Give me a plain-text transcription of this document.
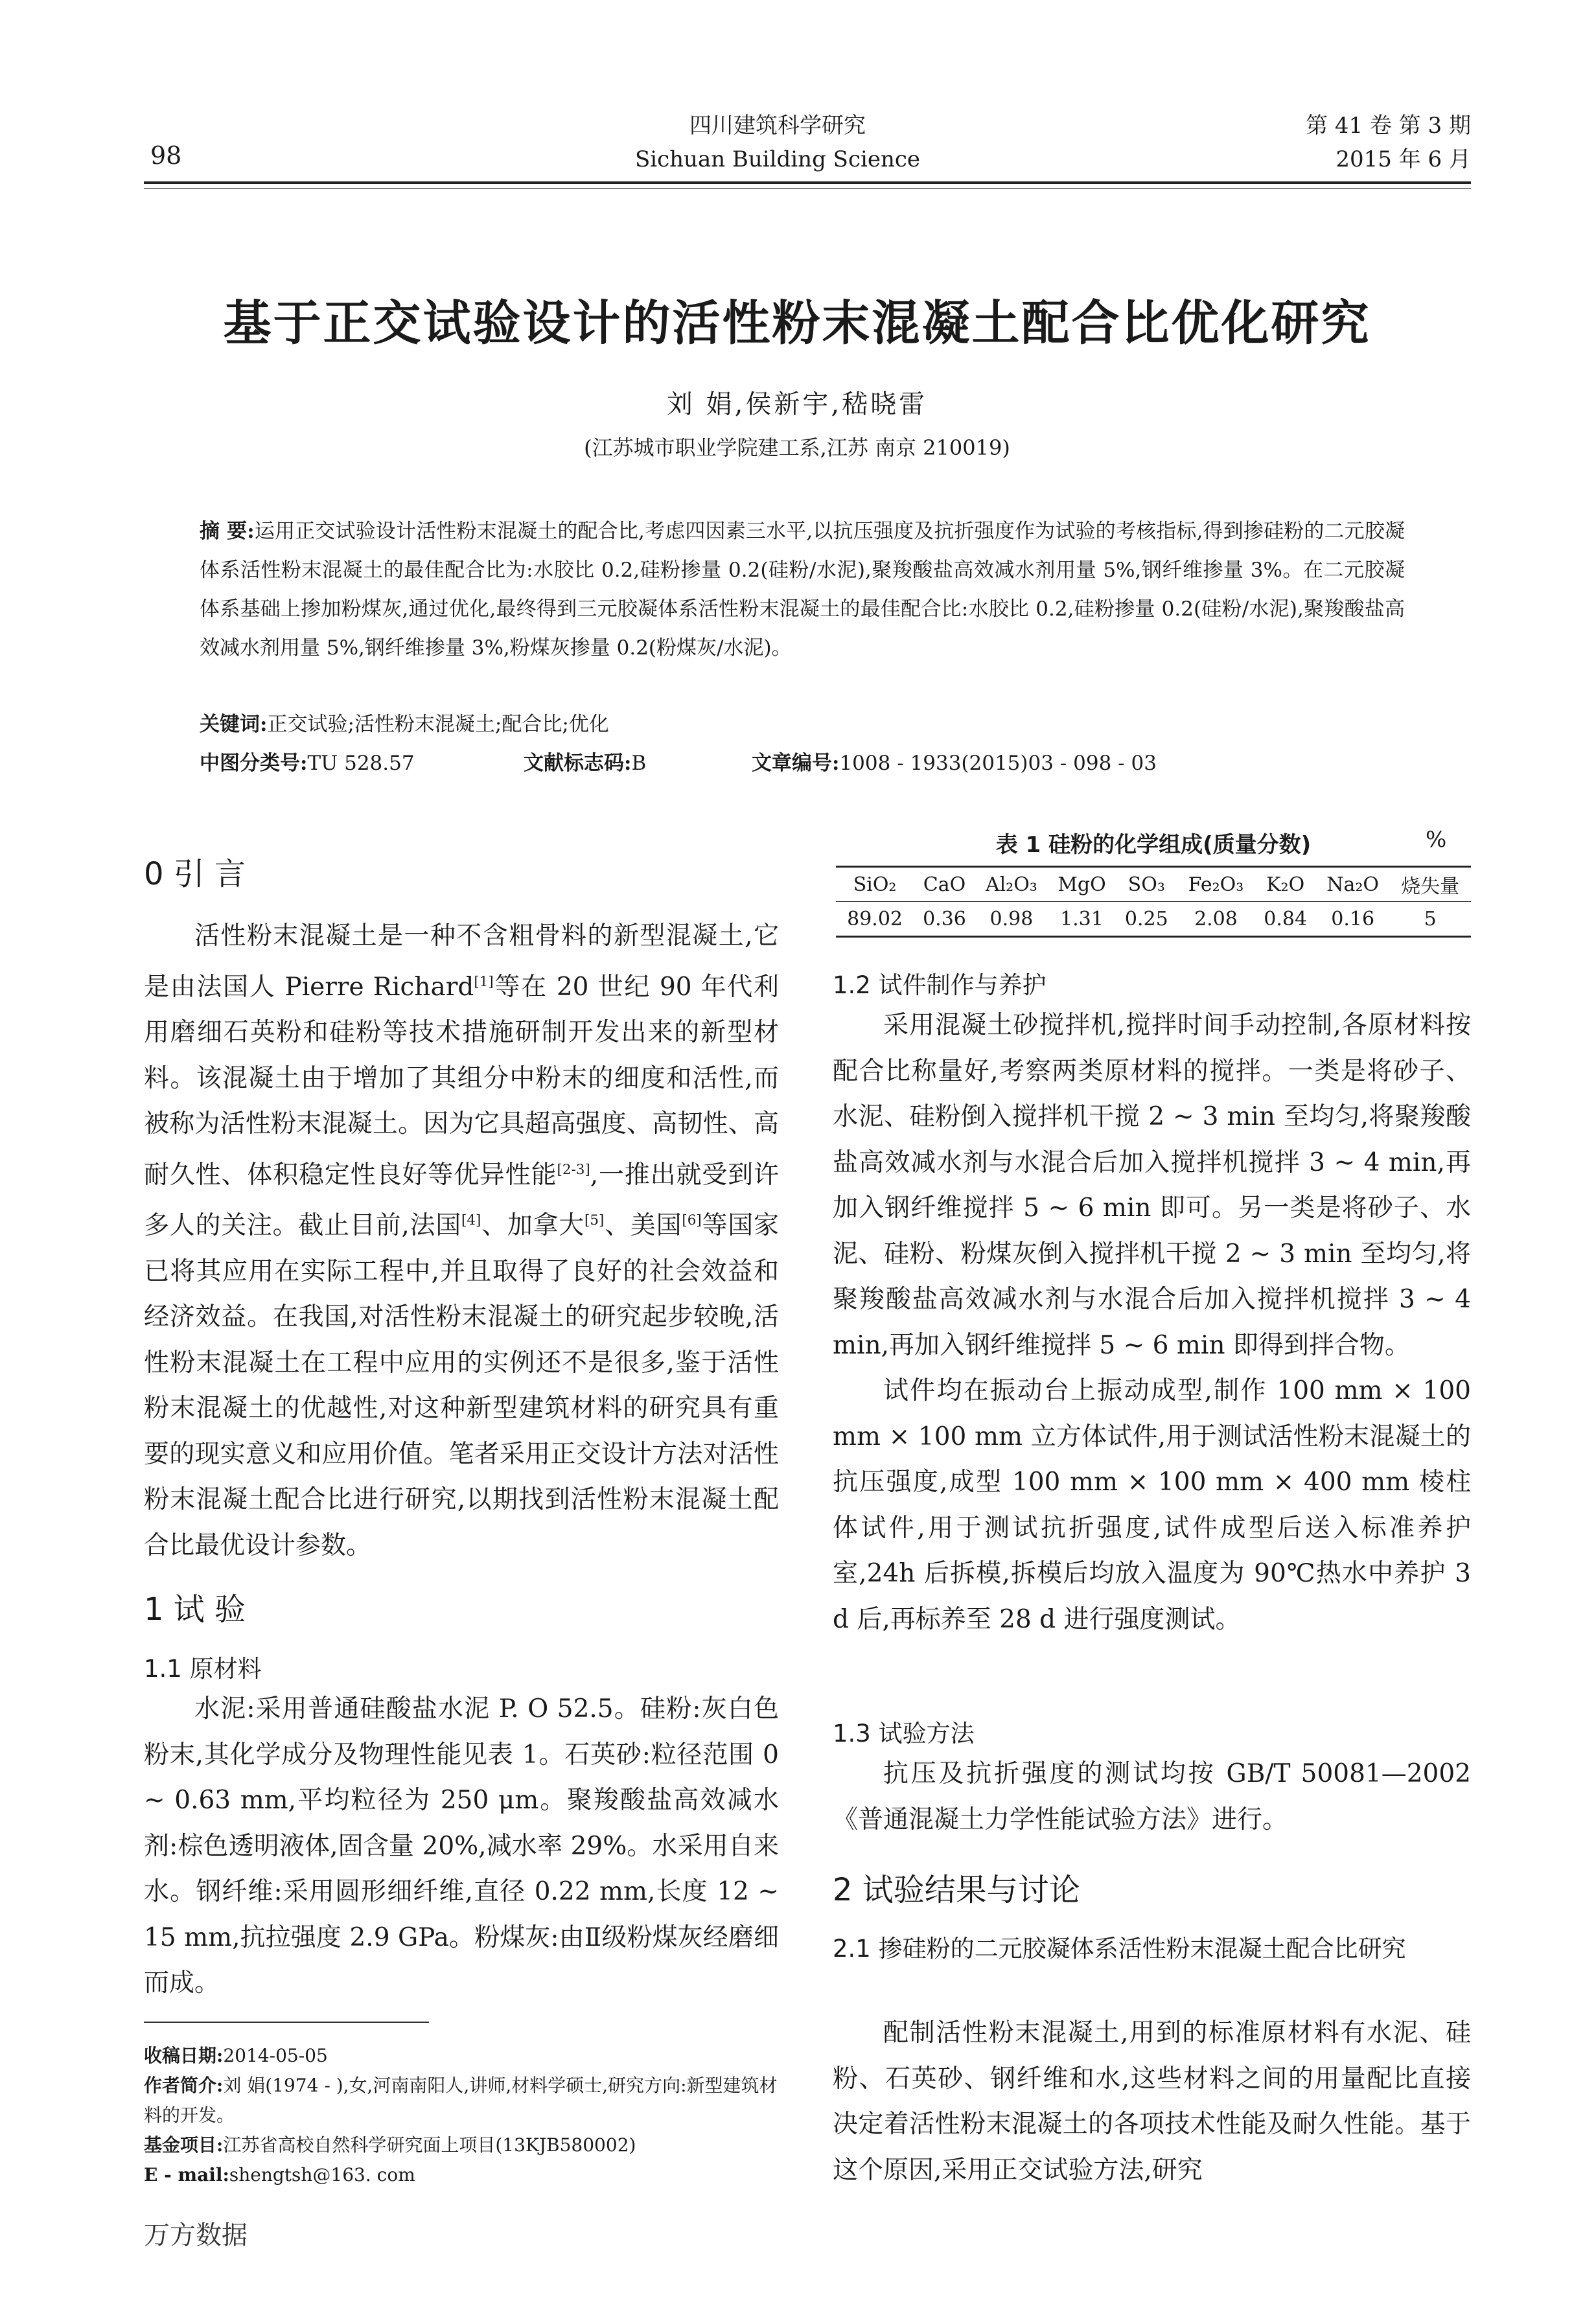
98
四川建筑科学研究
Sichuan Building Science
第 41 卷 第 3 期
2015 年 6 月
基于正交试验设计的活性粉末混凝土配合比优化研究
刘 娟,侯新宇,嵇晓雷
(江苏城市职业学院建工系,江苏 南京 210019)
摘 要:运用正交试验设计活性粉末混凝土的配合比,考虑四因素三水平,以抗压强度及抗折强度作为试验的考核指标,得到掺硅粉的二元胶凝体系活性粉末混凝土的最佳配合比为:水胶比 0.2,硅粉掺量 0.2(硅粉/水泥),聚羧酸盐高效减水剂用量 5%,钢纤维掺量 3%。在二元胶凝体系基础上掺加粉煤灰,通过优化,最终得到三元胶凝体系活性粉末混凝土的最佳配合比:水胶比 0.2,硅粉掺量 0.2(硅粉/水泥),聚羧酸盐高效减水剂用量 5%,钢纤维掺量 3%,粉煤灰掺量 0.2(粉煤灰/水泥)。
关键词:正交试验;活性粉末混凝土;配合比;优化
中图分类号:TU 528.57	文献标志码:B	文章编号:1008 - 1933(2015)03 - 098 - 03
0 引 言

活性粉末混凝土是一种不含粗骨料的新型混凝土,它是由法国人 Pierre Richard[1]等在 20 世纪 90 年代利用磨细石英粉和硅粉等技术措施研制开发出来的新型材料。该混凝土由于增加了其组分中粉末的细度和活性,而被称为活性粉末混凝土。因为它具超高强度、高韧性、高耐久性、体积稳定性良好等优异性能[2-3],一推出就受到许多人的关注。截止目前,法国[4]、加拿大[5]、美国[6]等国家已将其应用在实际工程中,并且取得了良好的社会效益和经济效益。在我国,对活性粉末混凝土的研究起步较晚,活性粉末混凝土在工程中应用的实例还不是很多,鉴于活性粉末混凝土的优越性,对这种新型建筑材料的研究具有重要的现实意义和应用价值。笔者采用正交设计方法对活性粉末混凝土配合比进行研究,以期找到活性粉末混凝土配合比最优设计参数。

1 试 验
1.1 原材料

水泥:采用普通硅酸盐水泥 P. O 52.5。硅粉:灰白色粉末,其化学成分及物理性能见表 1。石英砂:粒径范围 0 ~ 0.63 mm,平均粒径为 250 μm。聚羧酸盐高效减水剂:棕色透明液体,固含量 20%,减水率 29%。水采用自来水。钢纤维:采用圆形细纤维,直径 0.22 mm,长度 12 ~ 15 mm,抗拉强度 2.9 GPa。粉煤灰:由Ⅱ级粉煤灰经磨细而成。

收稿日期:2014-05-05
作者简介:刘 娟(1974 - ),女,河南南阳人,讲师,材料学硕士,研究方向:新型建筑材料的开发。
基金项目:江苏省高校自然科学研究面上项目(13KJB580002)
E - mail:shengtsh@163. com
万方数据
表 1 硅粉的化学组成(质量分数)	%
SiO₂	CaO	Al₂O₃	MgO	SO₃	Fe₂O₃	K₂O	Na₂O	烧失量
89.02	0.36	0.98	1.31	0.25	2.08	0.84	0.16	5
1.2 试件制作与养护

采用混凝土砂搅拌机,搅拌时间手动控制,各原材料按配合比称量好,考察两类原材料的搅拌。一类是将砂子、水泥、硅粉倒入搅拌机干搅 2 ~ 3 min 至均匀,将聚羧酸盐高效减水剂与水混合后加入搅拌机搅拌 3 ~ 4 min,再加入钢纤维搅拌 5 ~ 6 min 即可。另一类是将砂子、水泥、硅粉、粉煤灰倒入搅拌机干搅 2 ~ 3 min 至均匀,将聚羧酸盐高效减水剂与水混合后加入搅拌机搅拌 3 ~ 4 min,再加入钢纤维搅拌 5 ~ 6 min 即得到拌合物。

试件均在振动台上振动成型,制作 100 mm × 100 mm × 100 mm 立方体试件,用于测试活性粉末混凝土的抗压强度,成型 100 mm × 100 mm × 400 mm 棱柱体试件,用于测试抗折强度,试件成型后送入标准养护室,24h 后拆模,拆模后均放入温度为 90℃热水中养护 3 d 后,再标养至 28 d 进行强度测试。

1.3 试验方法

抗压及抗折强度的测试均按 GB/T 50081—2002《普通混凝土力学性能试验方法》进行。

2 试验结果与讨论
2.1 掺硅粉的二元胶凝体系活性粉末混凝土配合比研究

配制活性粉末混凝土,用到的标准原材料有水泥、硅粉、石英砂、钢纤维和水,这些材料之间的用量配比直接决定着活性粉末混凝土的各项技术性能及耐久性能。基于这个原因,采用正交试验方法,研究
